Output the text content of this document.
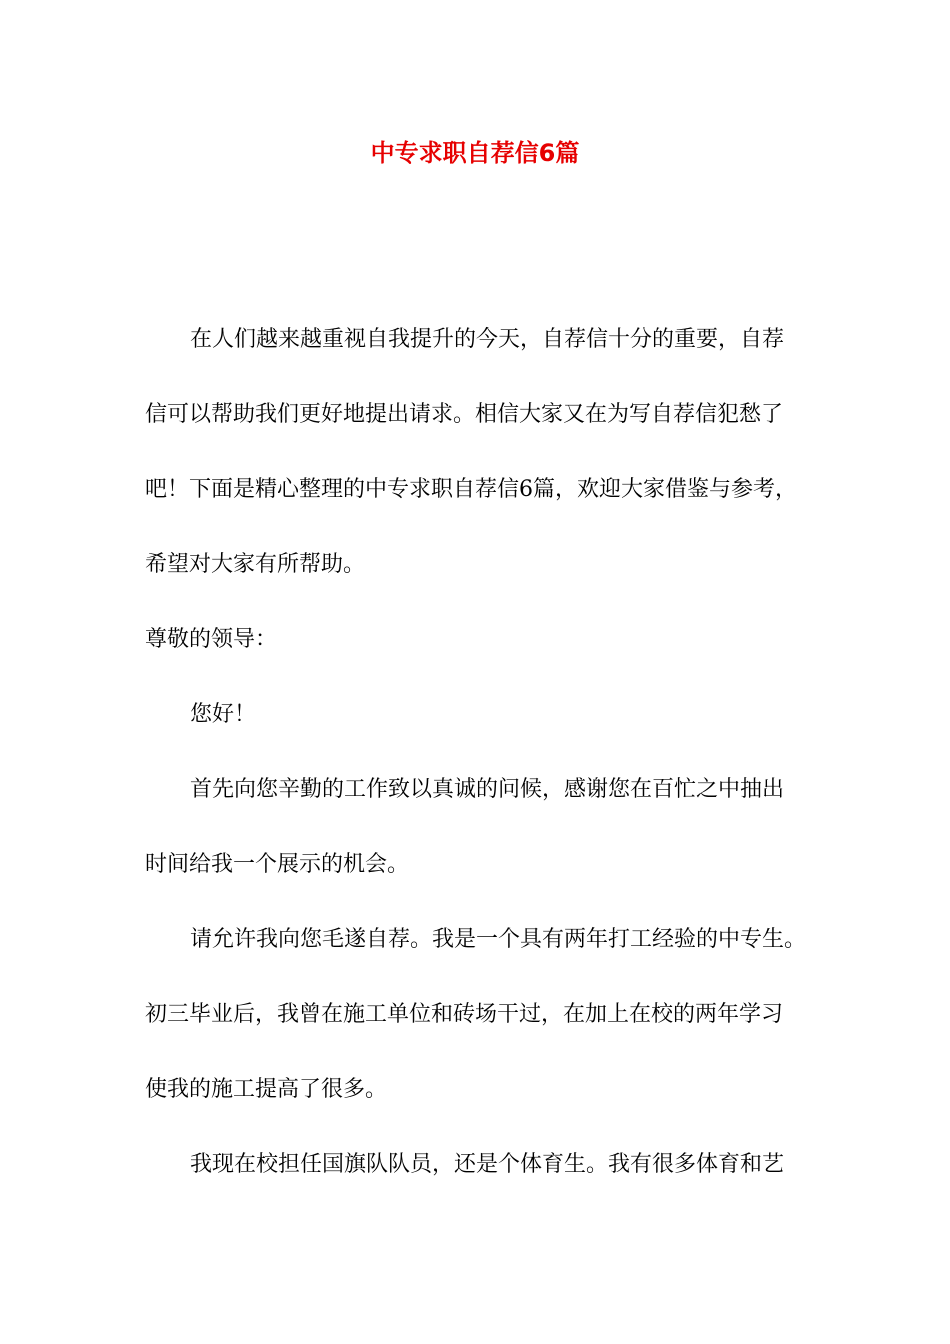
中专求职自荐信6篇

在人们越来越重视自我提升的今天，自荐信十分的重要，自荐

信可以帮助我们更好地提出请求。相信大家又在为写自荐信犯愁了

吧！下面是精心整理的中专求职自荐信6篇，欢迎大家借鉴与参考，

希望对大家有所帮助。

尊敬的领导：

您好！

首先向您辛勤的工作致以真诚的问候，感谢您在百忙之中抽出

时间给我一个展示的机会。

请允许我向您毛遂自荐。我是一个具有两年打工经验的中专生。

初三毕业后，我曾在施工单位和砖场干过，在加上在校的两年学习

使我的施工提高了很多。

我现在校担任国旗队队员，还是个体育生。我有很多体育和艺
